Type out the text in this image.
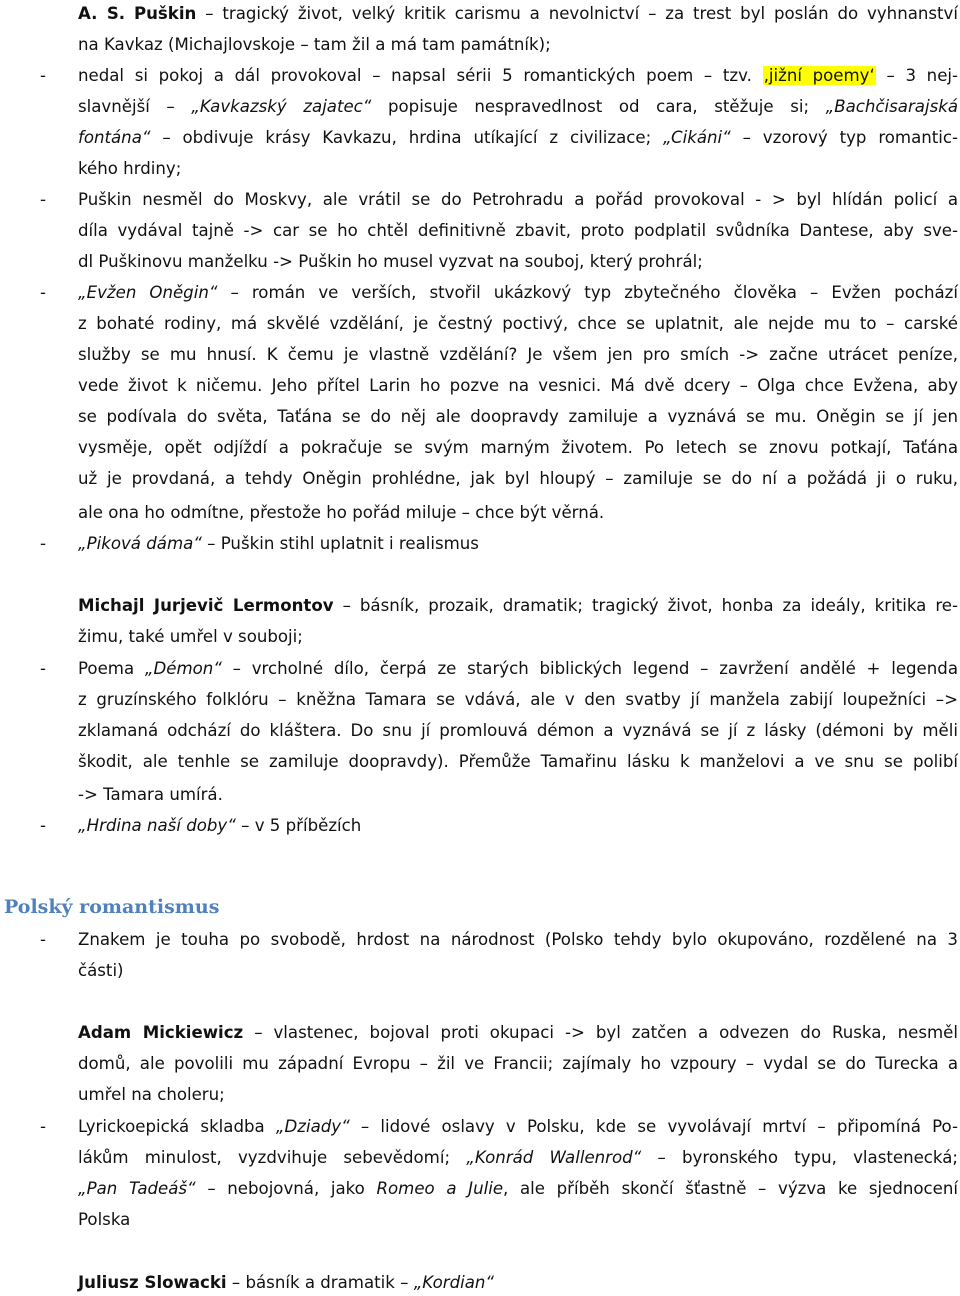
A. S. Puškin – tragický život, velký kritik carismu a nevolnictví – za trest byl poslán do vyhnanství
na Kavkaz (Michajlovskoje – tam žil a má tam památník);
- nedal si pokoj a dál provokoval – napsal sérii 5 romantických poem – tzv. ‚jižní poemy‘ – 3 nej-
slavnější – „Kavkazský zajatec“ popisuje nespravedlnost od cara, stěžuje si; „Bachčisarajská
fontána“ – obdivuje krásy Kavkazu, hrdina utíkající z civilizace; „Cikáni“ – vzorový typ romantic-
kého hrdiny;
- Puškin nesměl do Moskvy, ale vrátil se do Petrohradu a pořád provokoval - > byl hlídán policí a
díla vydával tajně -> car se ho chtěl definitivně zbavit, proto podplatil svůdníka Dantese, aby sve-
dl Puškinovu manželku -> Puškin ho musel vyzvat na souboj, který prohrál;
- „Evžen Oněgin“ – román ve verších, stvořil ukázkový typ zbytečného člověka – Evžen pochází
z bohaté rodiny, má skvělé vzdělání, je čestný poctivý, chce se uplatnit, ale nejde mu to – carské
služby se mu hnusí. K čemu je vlastně vzdělání? Je všem jen pro smích -> začne utrácet peníze,
vede život k ničemu. Jeho přítel Larin ho pozve na vesnici. Má dvě dcery – Olga chce Evžena, aby
se podívala do světa, Taťána se do něj ale doopravdy zamiluje a vyznává se mu. Oněgin se jí jen
vysměje, opět odjíždí a pokračuje se svým marným životem. Po letech se znovu potkají, Taťána
už je provdaná, a tehdy Oněgin prohlédne, jak byl hloupý – zamiluje se do ní a požádá ji o ruku,
ale ona ho odmítne, přestože ho pořád miluje – chce být věrná.
- „Piková dáma“ – Puškin stihl uplatnit i realismus
Michajl Jurjevič Lermontov – básník, prozaik, dramatik; tragický život, honba za ideály, kritika re-
žimu, také umřel v souboji;
- Poema „Démon“ – vrcholné dílo, čerpá ze starých biblických legend – zavržení andělé + legenda
z gruzínského folklóru – kněžna Tamara se vdává, ale v den svatby jí manžela zabijí loupežníci –>
zklamaná odchází do kláštera. Do snu jí promlouvá démon a vyznává se jí z lásky (démoni by měli
škodit, ale tenhle se zamiluje doopravdy). Přemůže Tamařinu lásku k manželovi a ve snu se polibí
-> Tamara umírá.
- „Hrdina naší doby“ – v 5 příbězích
Polský romantismus
- Znakem je touha po svobodě, hrdost na národnost (Polsko tehdy bylo okupováno, rozdělené na 3
části)
Adam Mickiewicz – vlastenec, bojoval proti okupaci -> byl zatčen a odvezen do Ruska, nesměl
domů, ale povolili mu západní Evropu – žil ve Francii; zajímaly ho vzpoury – vydal se do Turecka a
umřel na choleru;
- Lyrickoepická skladba „Dziady“ – lidové oslavy v Polsku, kde se vyvolávají mrtví – připomíná Po-
lákům minulost, vyzdvihuje sebevědomí; „Konrád Wallenrod“ – byronského typu, vlastenecká;
„Pan Tadeáš“ – nebojovná, jako Romeo a Julie, ale příběh skončí šťastně – výzva ke sjednocení
Polska
Juliusz Slowacki – básník a dramatik – „Kordian“
